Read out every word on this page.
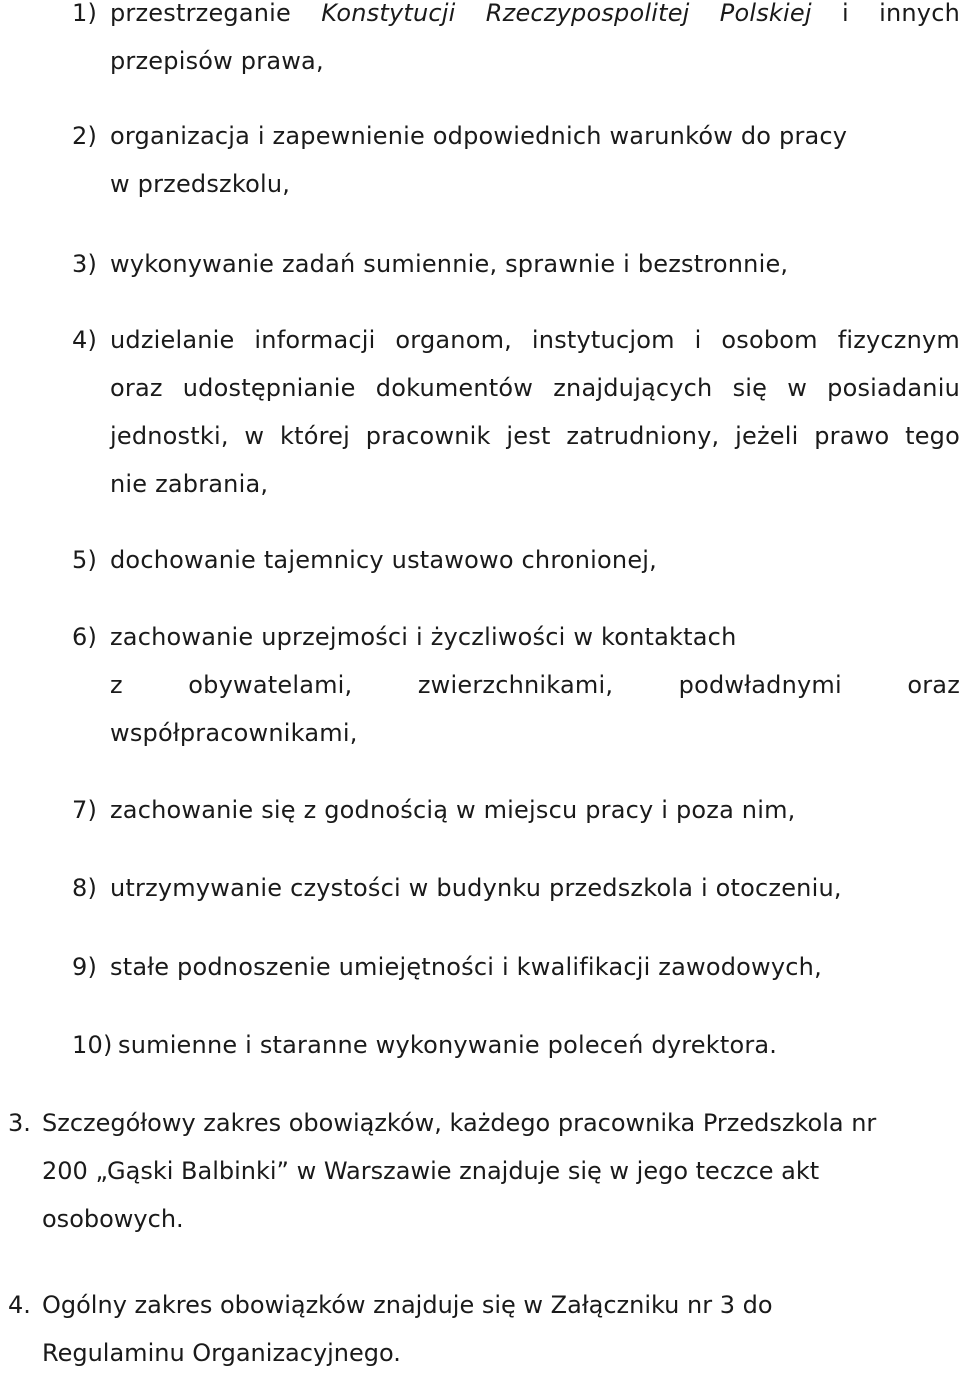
1) przestrzeganie Konstytucji Rzeczypospolitej Polskiej i innych
przepisów prawa,
2) organizacja i zapewnienie odpowiednich warunków do pracy
w przedszkolu,
3) wykonywanie zadań sumiennie, sprawnie i bezstronnie,
4) udzielanie informacji organom, instytucjom i osobom fizycznym
oraz udostępnianie dokumentów znajdujących się w posiadaniu
jednostki, w której pracownik jest zatrudniony, jeżeli prawo tego
nie zabrania,
5) dochowanie tajemnicy ustawowo chronionej,
6) zachowanie uprzejmości i życzliwości w kontaktach
z obywatelami, zwierzchnikami, podwładnymi oraz
współpracownikami,
7) zachowanie się z godnością w miejscu pracy i poza nim,
8) utrzymywanie czystości w budynku przedszkola i otoczeniu,
9) stałe podnoszenie umiejętności i kwalifikacji zawodowych,
10) sumienne i staranne wykonywanie poleceń dyrektora.
3. Szczegółowy zakres obowiązków, każdego pracownika Przedszkola nr
200 „Gąski Balbinki” w Warszawie znajduje się w jego teczce akt
osobowych.
4. Ogólny zakres obowiązków znajduje się w Załączniku nr 3 do
Regulaminu Organizacyjnego.
